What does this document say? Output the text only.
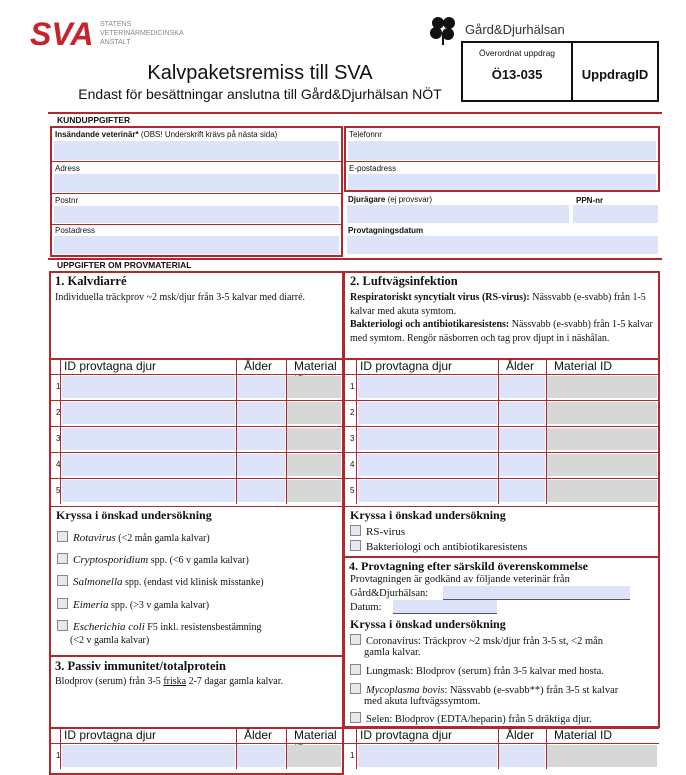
SVA STATENS
VETERINÄRMEDICINSKA
ANSTALT
Gård&Djurhälsan
Kalvpaketsremiss till SVA
Endast för besättningar anslutna till Gård&Djurhälsan NÖT
Överordnat uppdrag
Ö13-035	UppdragID
KUNDUPPGIFTER
Insändande veterinär* (OBS! Underskrift krävs på nästa sida)	Telefonnr
Adress	E-postadress
Postnr	Djurägare (ej provsvar)	PPN-nr
Postadress	Provtagningsdatum
UPPGIFTER OM PROVMATERIAL
1. Kalvdiarré
Individuella träckprov ~2 msk/djur från 3-5 kalvar med diarré.
2. Luftvägsinfektion
Respiratoriskt syncytialt virus (RS-virus): Nässvabb (e-svabb) från 1-5 kalvar med akuta symtom.
Bakteriologi och antibiotikaresistens: Nässvabb (e-svabb) från 1-5 kalvar med symtom. Rengör näsborren och tag prov djupt in i näshålan.
ID provtagna djur	Ålder Material
1
2
3
4
5
ID provtagna djur	Ålder Material ID
1
2
3
4
5
Kryssa i önskad undersökning
Rotavirus (<2 mån gamla kalvar)
Cryptosporidium spp. (<6 v gamla kalvar)
Salmonella spp. (endast vid klinisk misstanke)
Eimeria spp. (>3 v gamla kalvar)
Escherichia coli F5 inkl. resistensbestämning
(<2 v gamla kalvar)
Kryssa i önskad undersökning
RS-virus
Bakteriologi och antibiotikaresistens
3. Passiv immunitet/totalprotein
Blodprov (serum) från 3-5 friska 2-7 dagar gamla kalvar.
4. Provtagning efter särskild överenskommelse
Provtagningen är godkänd av följande veterinär från
Gård&Djurhälsan:
Datum:
Kryssa i önskad undersökning
Coronavirus: Träckprov ~2 msk/djur från 3-5 st, <2 mån
gamla kalvar.
Lungmask: Blodprov (serum) från 3-5 kalvar med hosta.
Mycoplasma bovis: Nässvabb (e-svabb**) från 3-5 st kalvar
med akuta luftvägssymtom.
Selen: Blodprov (EDTA/heparin) från 5 dräktiga djur.
ID provtagna djur	Ålder Material
1
ID provtagna djur	Ålder Material ID
1
